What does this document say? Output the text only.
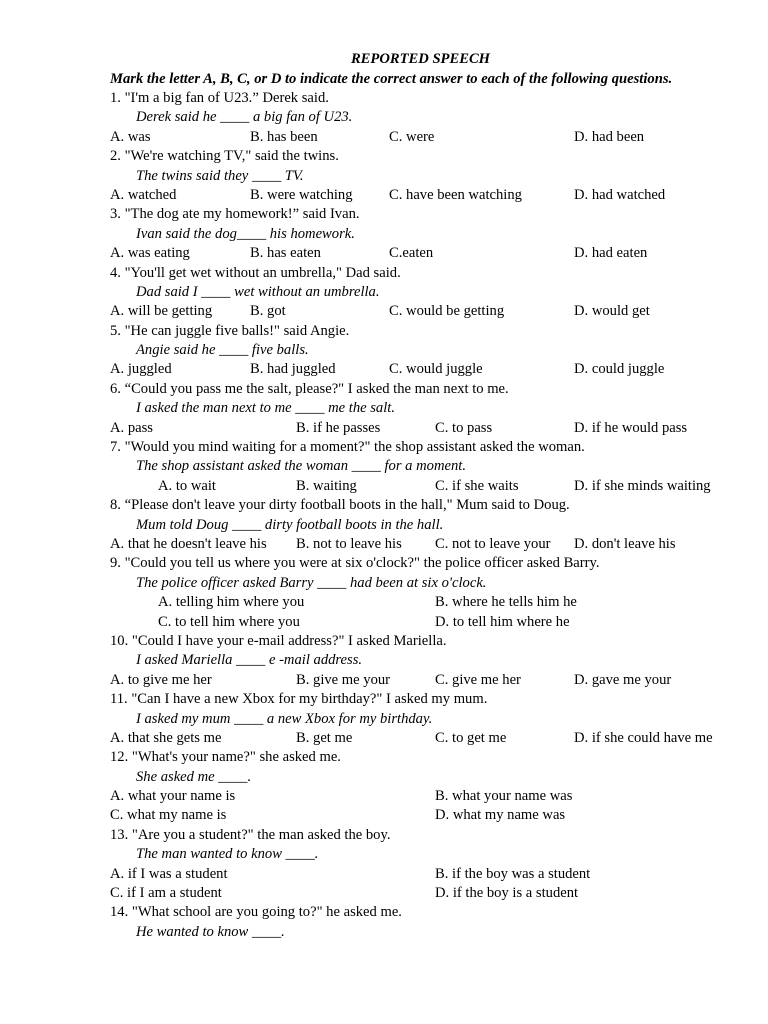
REPORTED SPEECH
Mark the letter A, B, C, or D to indicate the correct answer to each of the following questions.
1. "I'm a big fan of U23.” Derek said.
Derek said he ____ a big fan of U23.
A. was	B. has been	C. were	D. had been
2. "We're watching TV," said the twins.
The twins said they ____ TV.
A. watched	B. were watching C. have been watching	D. had watched
3. "The dog ate my homework!” said Ivan.
Ivan said the dog____ his homework.
A. was eating	B. has eaten	C.eaten	D. had eaten
4. "You'll get wet without an umbrella," Dad said.
Dad said I ____ wet without an umbrella.
A. will be getting	B. got	C. would be getting	D. would get
5. "He can juggle five balls!" said Angie.
Angie said he ____ five balls.
A. juggled	B. had juggled	C. would juggle	D. could juggle
6. “Could you pass me the salt, please?" I asked the man next to me.
I asked the man next to me ____ me the salt.
A. pass	B. if he passes	C. to pass	D. if he would pass
7. "Would you mind waiting for a moment?" the shop assistant asked the woman.
The shop assistant asked the woman ____ for a moment.
A. to wait	B. waiting	C. if she waits	D. if she minds waiting
8. “Please don't leave your dirty football boots in the hall," Mum said to Doug.
Mum told Doug ____ dirty football boots in the hall.
A. that he doesn't leave his B. not to leave his C. not to leave your D. don't leave his
9. "Could you tell us where you were at six o'clock?" the police officer asked Barry.
The police officer asked Barry ____ had been at six o'clock.
A. telling him where you	B. where he tells him he
C. to tell him where you	D. to tell him where he
10. "Could I have your e-mail address?" I asked Mariella.
I asked Mariella ____ e -mail address.
A. to give me her	B. give me your	C. give me her	D. gave me your
11. "Can I have a new Xbox for my birthday?" I asked my mum.
I asked my mum ____ a new Xbox for my birthday.
A. that she gets me	B. get me	C. to get me	D. if she could have me
12. "What's your name?" she asked me.
She asked me ____.
A. what your name is	B. what your name was
C. what my name is	D. what my name was
13. "Are you a student?" the man asked the boy.
The man wanted to know ____.
A. if I was a student	B. if the boy was a student
C. if I am a student	D. if the boy is a student
14. "What school are you going to?" he asked me.
He wanted to know ____.
